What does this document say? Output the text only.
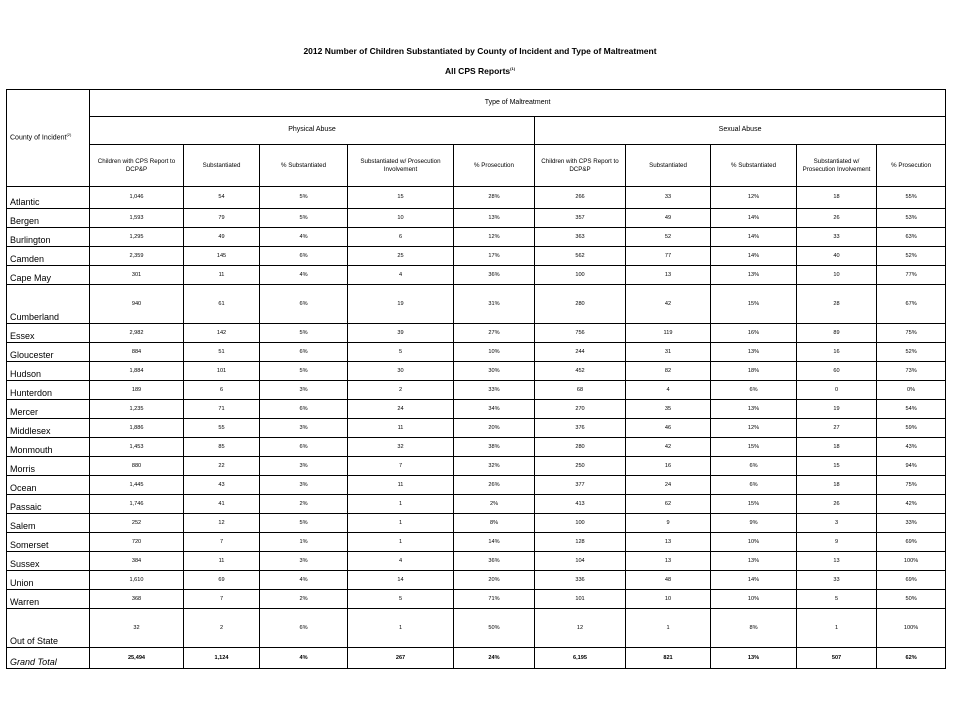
2012 Number of Children Substantiated by County of Incident and Type of Maltreatment
All CPS Reports$^{(1)}$
County of Incident$^{(2)}$	Type of Maltreatment									
	Physical Abuse					Sexual Abuse				
	Children with CPS Report to DCP&P	Substantiated	% Substantiated	Substantiated w/ Prosecution Involvement	% Prosecution	Children with CPS Report to DCP&P	Substantiated	% Substantiated	Substantiated w/ Prosecution Involvement	% Prosecution
Atlantic	1,046	54	5%	15	28%	266	33	12%	18	55%
Bergen	1,593	79	5%	10	13%	357	49	14%	26	53%
Burlington	1,295	49	4%	6	12%	363	52	14%	33	63%
Camden	2,359	145	6%	25	17%	562	77	14%	40	52%
Cape May	301	11	4%	4	36%	100	13	13%	10	77%
Cumberland	940	61	6%	19	31%	280	42	15%	28	67%
Essex	2,982	142	5%	39	27%	756	119	16%	89	75%
Gloucester	884	51	6%	5	10%	244	31	13%	16	52%
Hudson	1,884	101	5%	30	30%	452	82	18%	60	73%
Hunterdon	189	6	3%	2	33%	68	4	6%	0	0%
Mercer	1,235	71	6%	24	34%	270	35	13%	19	54%
Middlesex	1,886	55	3%	11	20%	376	46	12%	27	59%
Monmouth	1,453	85	6%	32	38%	280	42	15%	18	43%
Morris	880	22	3%	7	32%	250	16	6%	15	94%
Ocean	1,445	43	3%	11	26%	377	24	6%	18	75%
Passaic	1,746	41	2%	1	2%	413	62	15%	26	42%
Salem	252	12	5%	1	8%	100	9	9%	3	33%
Somerset	720	7	1%	1	14%	128	13	10%	9	69%
Sussex	384	11	3%	4	36%	104	13	13%	13	100%
Union	1,610	69	4%	14	20%	336	48	14%	33	69%
Warren	368	7	2%	5	71%	101	10	10%	5	50%
Out of State	32	2	6%	1	50%	12	1	8%	1	100%
Grand Total	25,494	1,124	4%	267	24%	6,195	821	13%	507	62%
